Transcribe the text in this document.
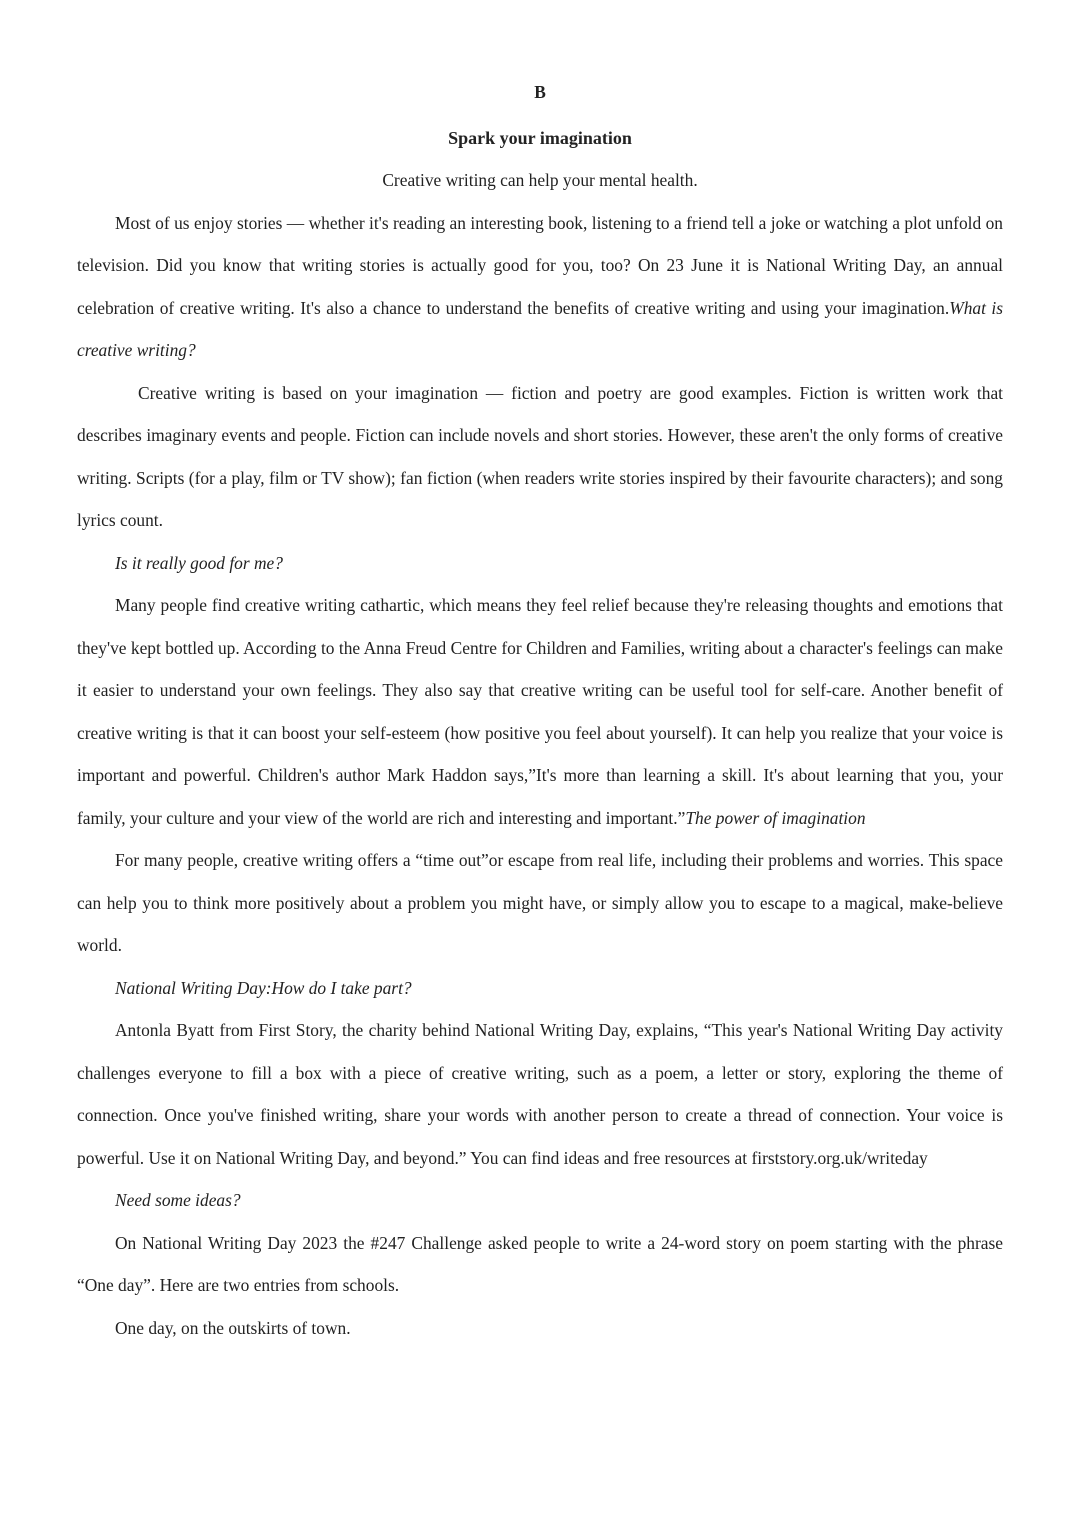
B
Spark your imagination
Creative writing can help your mental health.

Most of us enjoy stories — whether it's reading an interesting book, listening to a friend tell a joke or watching a plot unfold on television. Did you know that writing stories is actually good for you, too? On 23 June it is National Writing Day, an annual celebration of creative writing. It's also a chance to understand the benefits of creative writing and using your imagination.What is creative writing?

Creative writing is based on your imagination — fiction and poetry are good examples. Fiction is written work that describes imaginary events and people. Fiction can include novels and short stories. However, these aren't the only forms of creative writing. Scripts (for a play, film or TV show); fan fiction (when readers write stories inspired by their favourite characters); and song lyrics count.

Is it really good for me?

Many people find creative writing cathartic, which means they feel relief because they're releasing thoughts and emotions that they've kept bottled up. According to the Anna Freud Centre for Children and Families, writing about a character's feelings can make it easier to understand your own feelings. They also say that creative writing can be useful tool for self-care. Another benefit of creative writing is that it can boost your self-esteem (how positive you feel about yourself). It can help you realize that your voice is important and powerful. Children's author Mark Haddon says,”It's more than learning a skill. It's about learning that you, your family, your culture and your view of the world are rich and interesting and important.”The power of imagination

For many people, creative writing offers a “time out”or escape from real life, including their problems and worries. This space can help you to think more positively about a problem you might have, or simply allow you to escape to a magical, make-believe world.

National Writing Day:How do I take part?

Antonla Byatt from First Story, the charity behind National Writing Day, explains, “This year's National Writing Day activity challenges everyone to fill a box with a piece of creative writing, such as a poem, a letter or story, exploring the theme of connection. Once you've finished writing, share your words with another person to create a thread of connection. Your voice is powerful. Use it on National Writing Day, and beyond.” You can find ideas and free resources at firststory.org.uk/writeday

Need some ideas?

On National Writing Day 2023 the #247 Challenge asked people to write a 24-word story on poem starting with the phrase “One day”. Here are two entries from schools.

One day, on the outskirts of town.
